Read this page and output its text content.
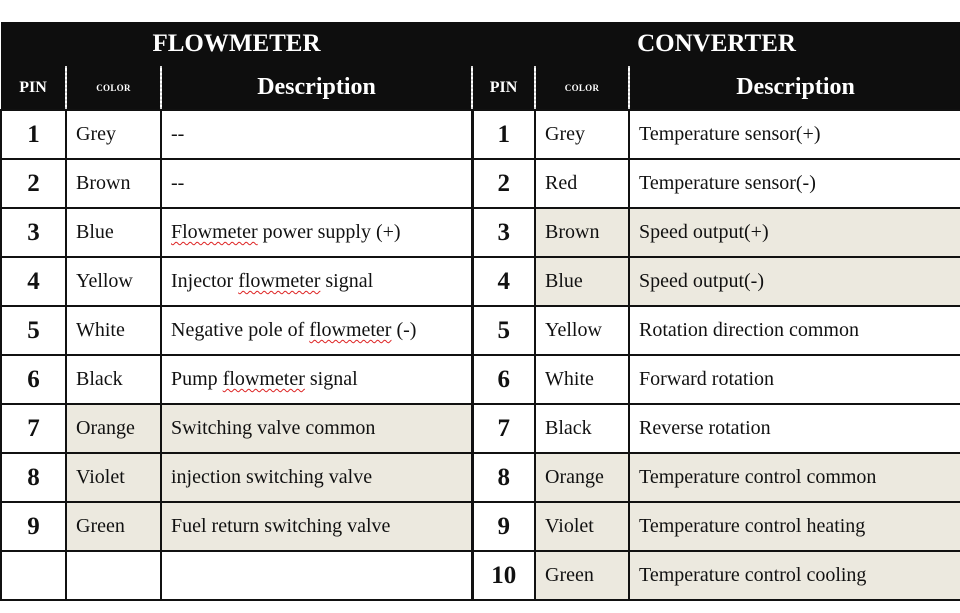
FLOWMETER			CONVERTER		
PIN	COLOR	Description	PIN	COLOR	Description
1	Grey	--	1	Grey	Temperature sensor(+)
2	Brown	--	2	Red	Temperature sensor(-)
3	Blue	Flowmeter power supply (+)	3	Brown	Speed output(+)
4	Yellow	Injector flowmeter signal	4	Blue	Speed output(-)
5	White	Negative pole of flowmeter (-)	5	Yellow	Rotation direction common
6	Black	Pump flowmeter signal	6	White	Forward rotation
7	Orange	Switching valve common	7	Black	Reverse rotation
8	Violet	injection switching valve	8	Orange	Temperature control common
9	Green	Fuel return switching valve	9	Violet	Temperature control heating
			10	Green	Temperature control cooling
